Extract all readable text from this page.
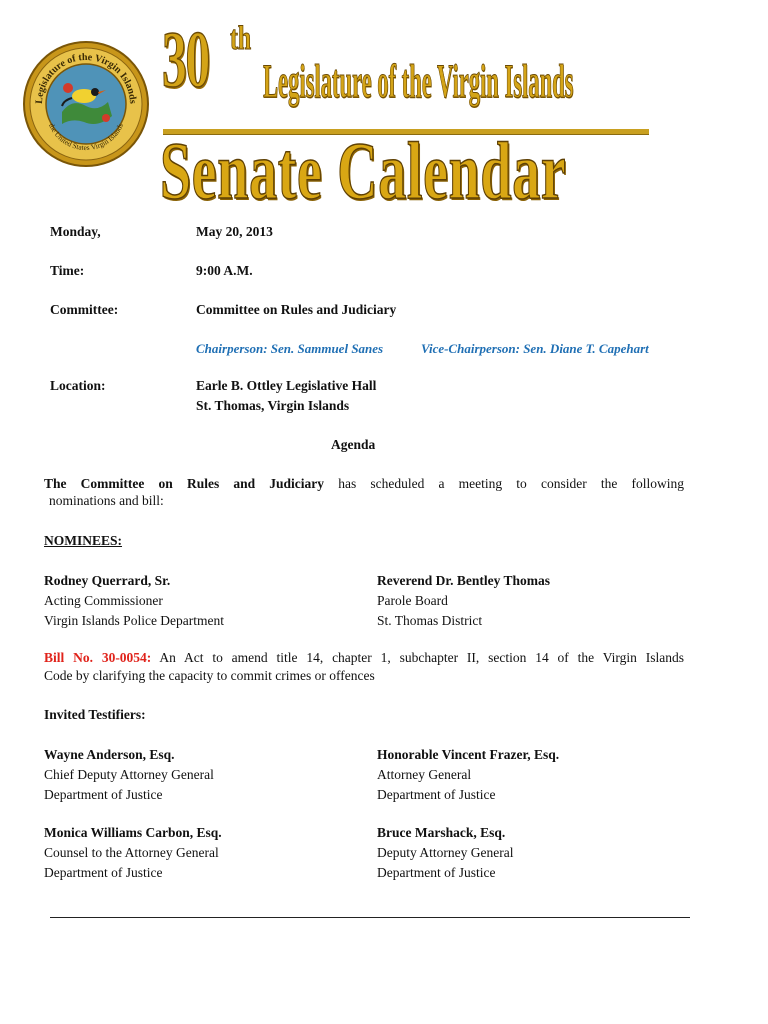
Legislature of the Virgin Islands
the United States Virgin Islands
30 th
Legislature of the Virgin Islands
Senate Calendar
Monday,	May 20, 2013
Time:	9:00 A.M.
Committee:	Committee on Rules and Judiciary
Chairperson: Sen. Sammuel Sanes	Vice-Chairperson: Sen. Diane T. Capehart
Location:	Earle B. Ottley Legislative Hall
St. Thomas, Virgin Islands
Agenda
The Committee on Rules and Judiciary has scheduled a meeting to consider the following
nominations and bill:
NOMINEES:
Rodney Querrard, Sr.
Acting Commissioner
Virgin Islands Police Department
Reverend Dr. Bentley Thomas
Parole Board
St. Thomas District
Bill No. 30-0054: An Act to amend title 14, chapter 1, subchapter II, section 14 of the Virgin Islands
Code by clarifying the capacity to commit crimes or offences
Invited Testifiers:
Wayne Anderson, Esq.
Chief Deputy Attorney General
Department of Justice
Honorable Vincent Frazer, Esq.
Attorney General
Department of Justice
Monica Williams Carbon, Esq.
Counsel to the Attorney General
Department of Justice
Bruce Marshack, Esq.
Deputy Attorney General
Department of Justice
